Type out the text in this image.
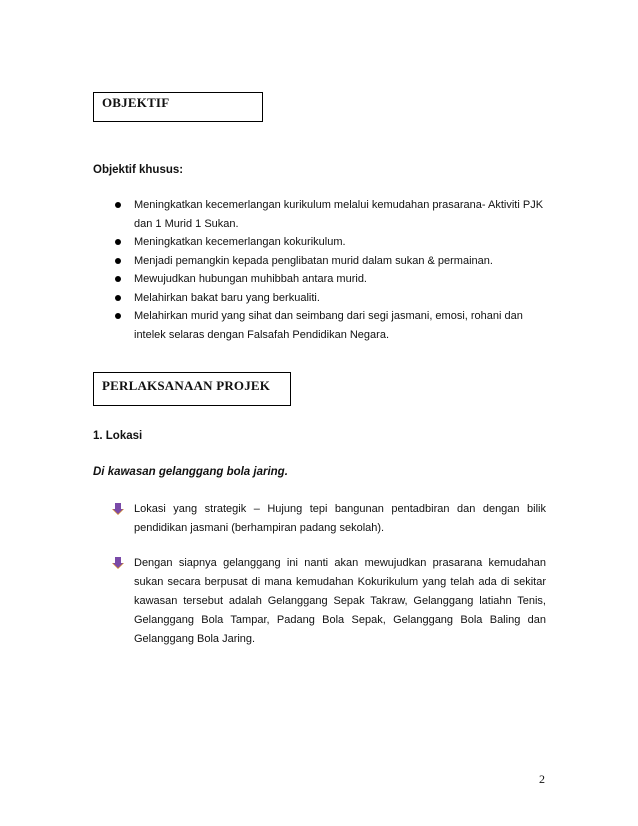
OBJEKTIF
Objektif khusus:
Meningkatkan kecemerlangan kurikulum melalui kemudahan prasarana- Aktiviti PJK dan 1 Murid 1 Sukan.
Meningkatkan kecemerlangan kokurikulum.
Menjadi pemangkin kepada penglibatan murid dalam sukan & permainan.
Mewujudkan hubungan muhibbah antara murid.
Melahirkan bakat baru yang berkualiti.
Melahirkan murid yang sihat dan seimbang dari segi jasmani, emosi, rohani dan intelek selaras dengan Falsafah Pendidikan Negara.
PERLAKSANAAN PROJEK
1. Lokasi
Di kawasan gelanggang bola jaring.
Lokasi yang strategik – Hujung tepi bangunan pentadbiran dan dengan bilik pendidikan jasmani (berhampiran padang sekolah).
Dengan siapnya gelanggang ini nanti akan mewujudkan prasarana kemudahan sukan secara berpusat di mana kemudahan Kokurikulum yang telah ada di sekitar kawasan tersebut adalah Gelanggang Sepak Takraw, Gelanggang latiahn Tenis, Gelanggang Bola Tampar, Padang Bola Sepak, Gelanggang Bola Baling dan Gelanggang Bola Jaring.
2
